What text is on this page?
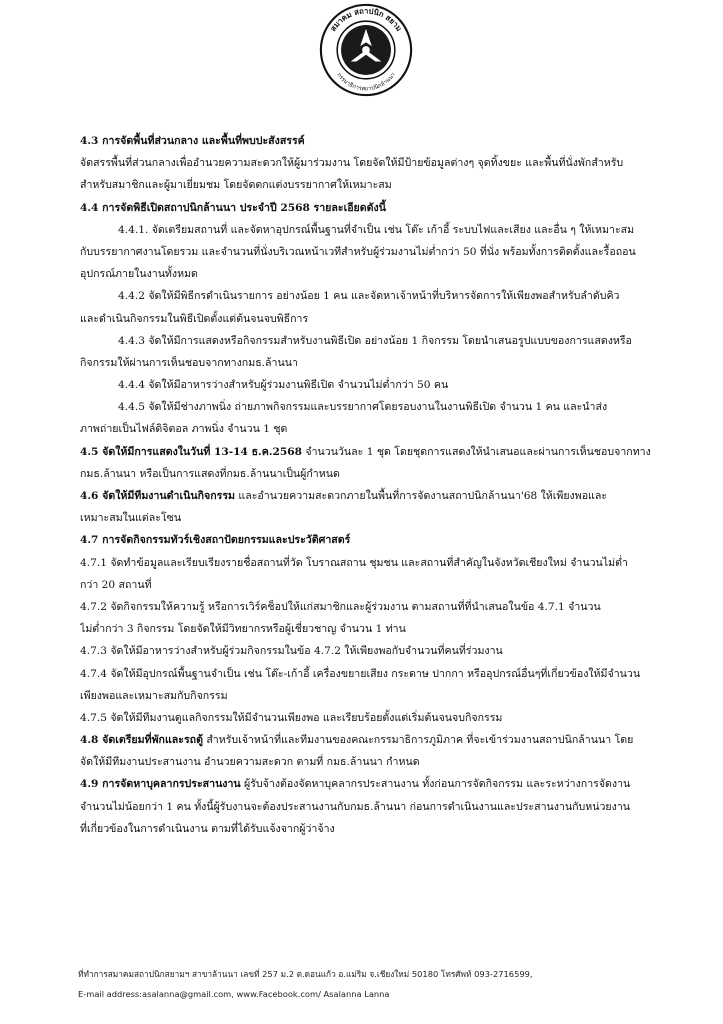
สมาคม สถาปนิก สยาม
กรรมาธิการสถาปนิกล้านนา
4.3 การจัดพื้นที่ส่วนกลาง และพื้นที่พบปะสังสรรค์
จัดสรรพื้นที่ส่วนกลางเพื่ออำนวยความสะดวกให้ผู้มาร่วมงาน โดยจัดให้มีป้ายข้อมูลต่างๆ จุดทิ้งขยะ และพื้นที่นั่งพักสำหรับ
สำหรับสมาชิกและผู้มาเยี่ยมชม โดยจัดตกแต่งบรรยากาศให้เหมาะสม
4.4 การจัดพิธีเปิดสถาปนิกล้านนา ประจำปี 2568 รายละเอียดดังนี้
4.4.1. จัดเตรียมสถานที่ และจัดหาอุปกรณ์พื้นฐานที่จำเป็น เช่น โต๊ะ เก้าอี้ ระบบไฟและเสียง และอื่น ๆ ให้เหมาะสม
กับบรรยากาศงานโดยรวม และจำนวนที่นั่งบริเวณหน้าเวทีสำหรับผู้ร่วมงานไม่ต่ำกว่า 50 ที่นั่ง พร้อมทั้งการติดตั้งและรื้อถอน
อุปกรณ์ภายในงานทั้งหมด
4.4.2 จัดให้มีพิธีกรดำเนินรายการ อย่างน้อย 1 คน และจัดหาเจ้าหน้าที่บริหารจัดการให้เพียงพอสำหรับลำดับคิว
และดำเนินกิจกรรมในพิธีเปิดตั้งแต่ต้นจนจบพิธีการ
4.4.3 จัดให้มีการแสดงหรือกิจกรรมสำหรับงานพิธีเปิด อย่างน้อย 1 กิจกรรม โดยนำเสนอรูปแบบของการแสดงหรือ
กิจกรรมให้ผ่านการเห็นชอบจากทางกมธ.ล้านนา
4.4.4 จัดให้มีอาหารว่างสำหรับผู้ร่วมงานพิธีเปิด จำนวนไม่ต่ำกว่า 50 คน
4.4.5 จัดให้มีช่างภาพนิ่ง ถ่ายภาพกิจกรรมและบรรยากาศโดยรอบงานในงานพิธีเปิด จำนวน 1 คน และนำส่ง
ภาพถ่ายเป็นไฟล์ดิจิตอล ภาพนิ่ง จำนวน 1 ชุด
4.5 จัดให้มีการแสดงในวันที่ 13-14 ธ.ค.2568 จำนวนวันละ 1 ชุด โดยชุดการแสดงให้นำเสนอและผ่านการเห็นชอบจากทาง
กมธ.ล้านนา หรือเป็นการแสดงที่กมธ.ล้านนาเป็นผู้กำหนด
4.6 จัดให้มีทีมงานดำเนินกิจกรรม และอำนวยความสะดวกภายในพื้นที่การจัดงานสถาปนิกล้านนา'68 ให้เพียงพอและ
เหมาะสมในแต่ละโซน
4.7 การจัดกิจกรรมทัวร์เชิงสถาปัตยกรรมและประวัติศาสตร์
4.7.1 จัดทำข้อมูลและเรียบเรียงรายชื่อสถานที่วัด โบราณสถาน ชุมชน และสถานที่สำคัญในจังหวัดเชียงใหม่ จำนวนไม่ต่ำ
กว่า 20 สถานที่
4.7.2 จัดกิจกรรมให้ความรู้ หรือการเวิร์คช็อปให้แก่สมาชิกและผู้ร่วมงาน ตามสถานที่ที่นำเสนอในข้อ 4.7.1 จำนวน
ไม่ต่ำกว่า 3 กิจกรรม โดยจัดให้มีวิทยากรหรือผู้เชี่ยวชาญ จำนวน 1 ท่าน
4.7.3 จัดให้มีอาหารว่างสำหรับผู้ร่วมกิจกรรมในข้อ 4.7.2 ให้เพียงพอกับจำนวนที่คนที่ร่วมงาน
4.7.4 จัดให้มีอุปกรณ์พื้นฐานจำเป็น เช่น โต๊ะ-เก้าอี้ เครื่องขยายเสียง กระดาษ ปากกา หรืออุปกรณ์อื่นๆที่เกี่ยวข้องให้มีจำนวน
เพียงพอและเหมาะสมกับกิจกรรม
4.7.5 จัดให้มีทีมงานดูแลกิจกรรมให้มีจำนวนเพียงพอ และเรียบร้อยตั้งแต่เริ่มต้นจนจบกิจกรรม
4.8 จัดเตรียมที่พักและรถตู้ สำหรับเจ้าหน้าที่และทีมงานของคณะกรรมาธิการภูมิภาค ที่จะเข้าร่วมงานสถาปนิกล้านนา โดย
จัดให้มีทีมงานประสานงาน อำนวยความสะดวก ตามที่ กมธ.ล้านนา กำหนด
4.9 การจัดหาบุคลากรประสานงาน ผู้รับจ้างต้องจัดหาบุคลากรประสานงาน ทั้งก่อนการจัดกิจกรรม และระหว่างการจัดงาน
จำนวนไม่น้อยกว่า 1 คน ทั้งนี้ผู้รับงานจะต้องประสานงานกับกมธ.ล้านนา ก่อนการดำเนินงานและประสานงานกับหน่วยงาน
ที่เกี่ยวข้องในการดำเนินงาน ตามที่ได้รับแจ้งจากผู้ว่าจ้าง
ที่ทำการสมาคมสถาปนิกสยามฯ สาขาล้านนา เลขที่ 257 ม.2 ต.ดอนแก้ว อ.แม่ริม จ.เชียงใหม่ 50180 โทรศัพท์ 093-2716599,
E-mail address:asalanna@gmail.com, www.Facebook.com/ Asalanna Lanna
